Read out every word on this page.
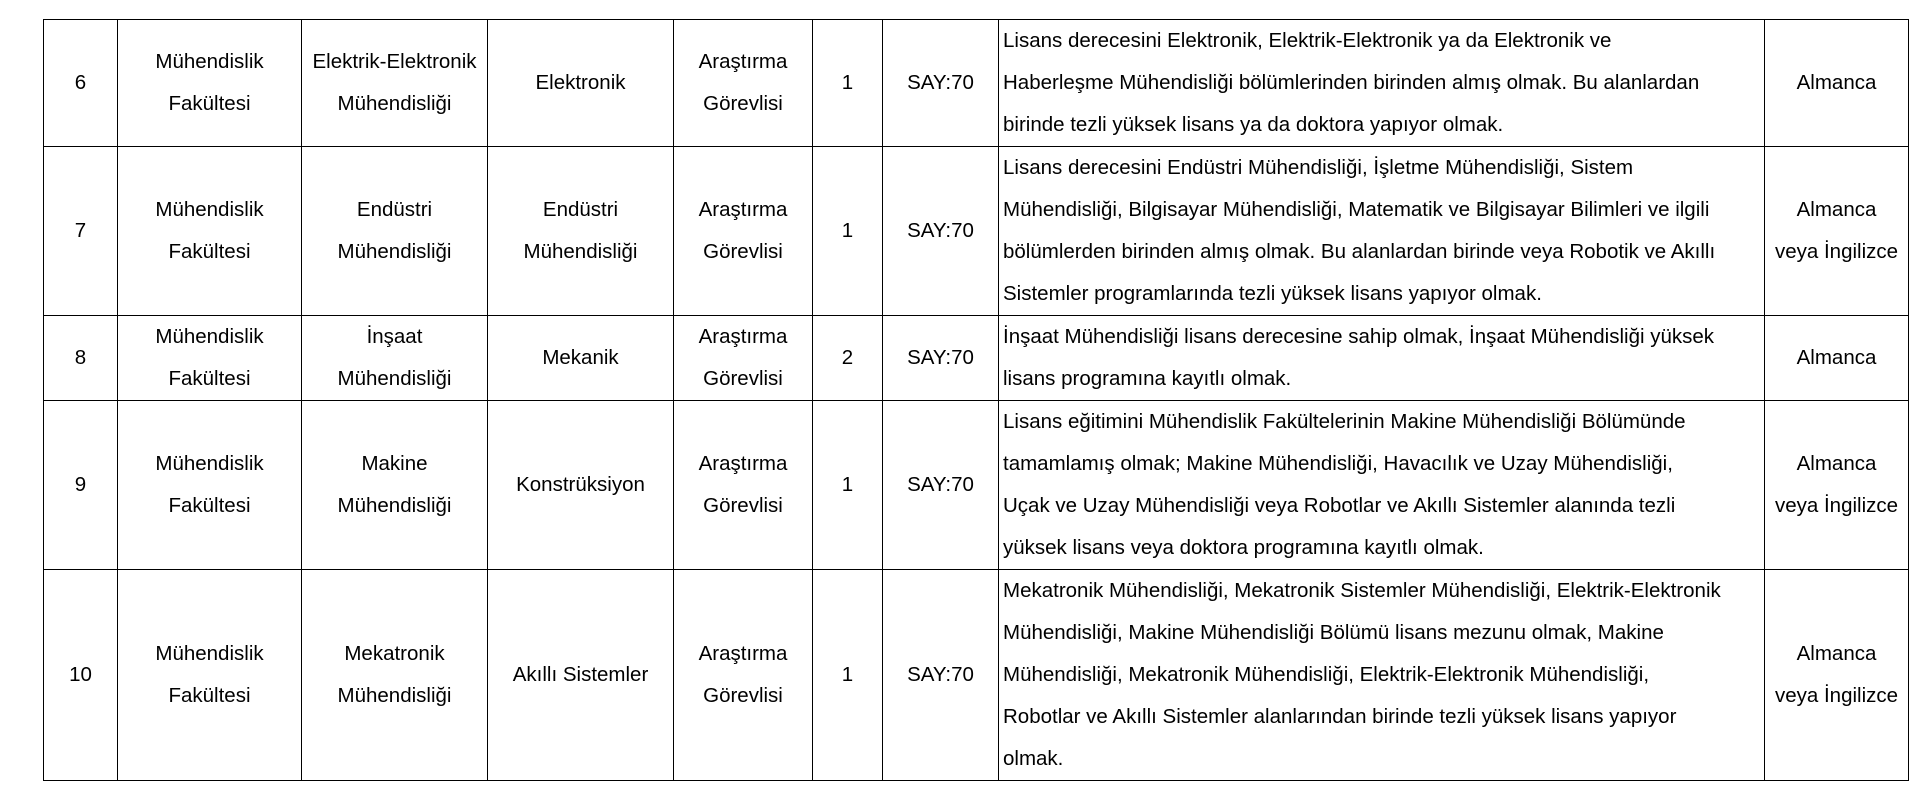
6	Mühendislik
Fakültesi	Elektrik-Elektronik
Mühendisliği	Elektronik	Araştırma
Görevlisi	1	SAY:70	Lisans derecesini Elektronik, Elektrik-Elektronik ya da Elektronik ve
Haberleşme Mühendisliği bölümlerinden birinden almış olmak. Bu alanlardan
birinde tezli yüksek lisans ya da doktora yapıyor olmak.	Almanca

7	Mühendislik
Fakültesi	Endüstri
Mühendisliği	Endüstri
Mühendisliği	Araştırma
Görevlisi	1	SAY:70	Lisans derecesini Endüstri Mühendisliği, İşletme Mühendisliği, Sistem
Mühendisliği, Bilgisayar Mühendisliği, Matematik ve Bilgisayar Bilimleri ve ilgili
bölümlerden birinden almış olmak. Bu alanlardan birinde veya Robotik ve Akıllı
Sistemler programlarında tezli yüksek lisans yapıyor olmak.	Almanca
veya İngilizce

8	Mühendislik
Fakültesi	İnşaat
Mühendisliği	Mekanik	Araştırma
Görevlisi	2	SAY:70	İnşaat Mühendisliği lisans derecesine sahip olmak, İnşaat Mühendisliği yüksek
lisans programına kayıtlı olmak.	Almanca

9	Mühendislik
Fakültesi	Makine
Mühendisliği	Konstrüksiyon	Araştırma
Görevlisi	1	SAY:70	Lisans eğitimini Mühendislik Fakültelerinin Makine Mühendisliği Bölümünde
tamamlamış olmak; Makine Mühendisliği, Havacılık ve Uzay Mühendisliği,
Uçak ve Uzay Mühendisliği veya Robotlar ve Akıllı Sistemler alanında tezli
yüksek lisans veya doktora programına kayıtlı olmak.	Almanca
veya İngilizce

10	Mühendislik
Fakültesi	Mekatronik
Mühendisliği	Akıllı Sistemler	Araştırma
Görevlisi	1	SAY:70	Mekatronik Mühendisliği, Mekatronik Sistemler Mühendisliği, Elektrik-Elektronik
Mühendisliği, Makine Mühendisliği Bölümü lisans mezunu olmak, Makine
Mühendisliği, Mekatronik Mühendisliği, Elektrik-Elektronik Mühendisliği,
Robotlar ve Akıllı Sistemler alanlarından birinde tezli yüksek lisans yapıyor
olmak.	Almanca
veya İngilizce
